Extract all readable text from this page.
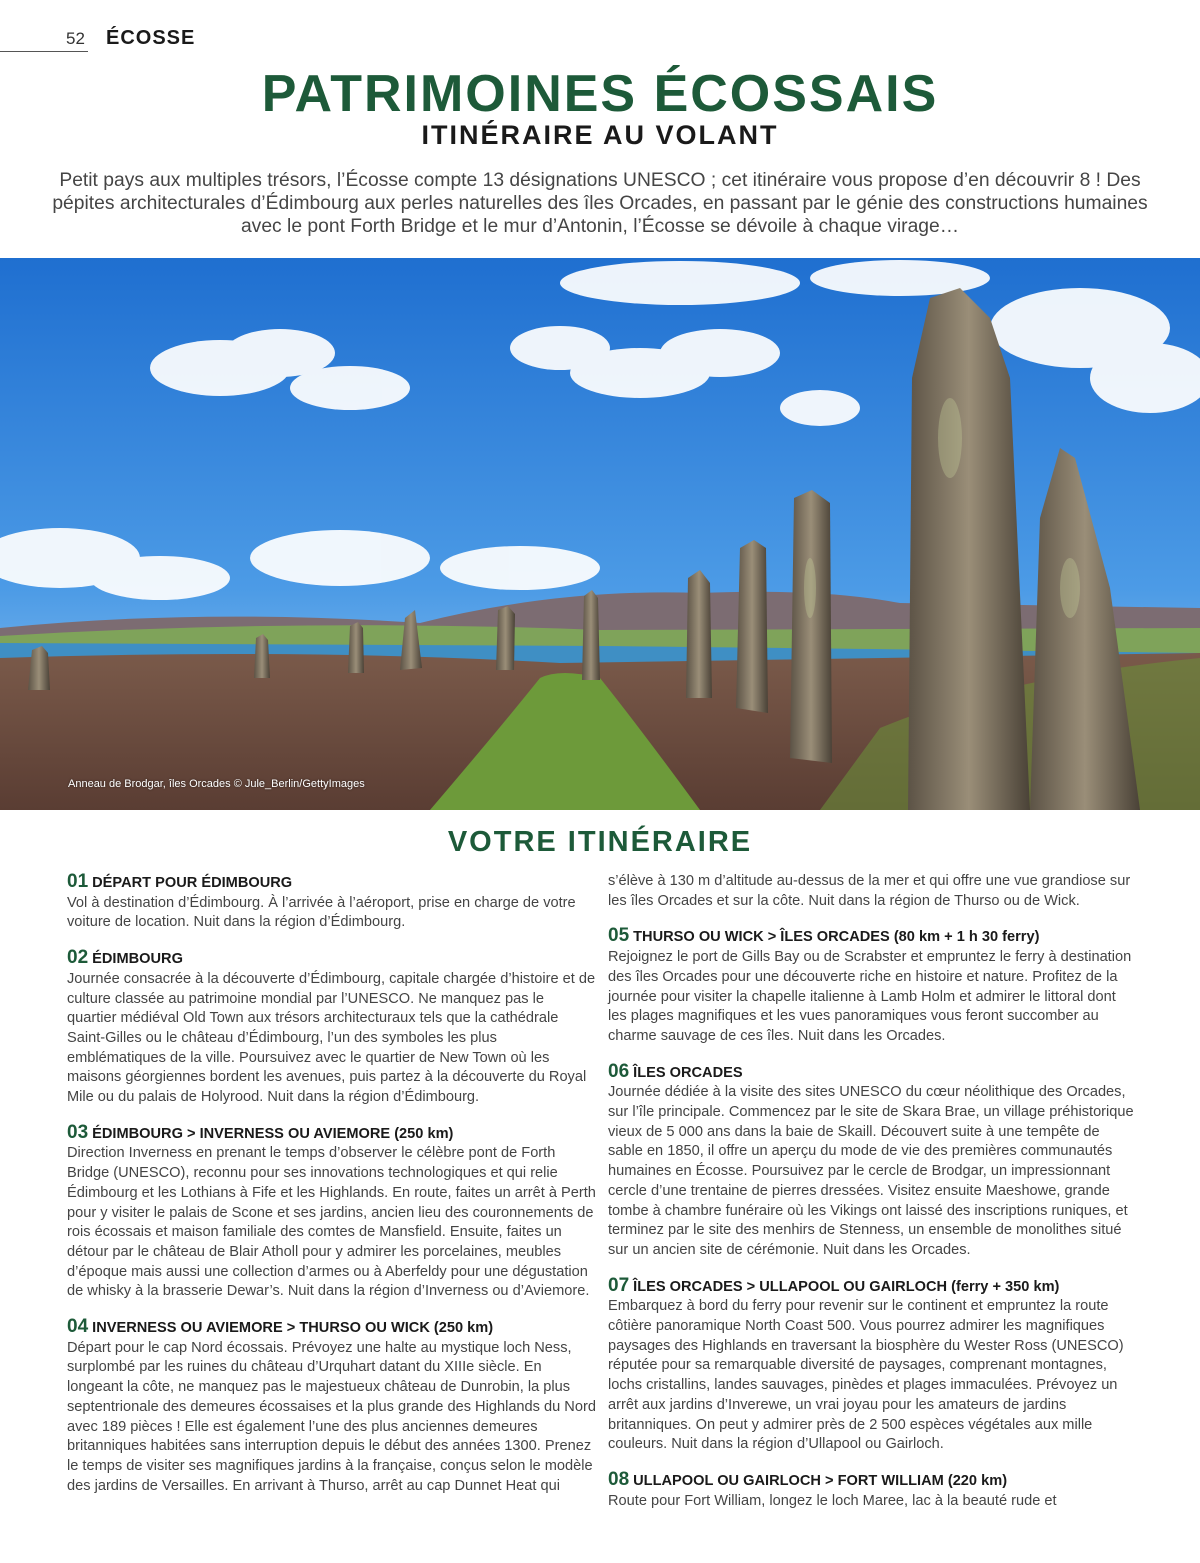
52 ÉCOSSE
PATRIMOINES ÉCOSSAIS
ITINÉRAIRE AU VOLANT

Petit pays aux multiples trésors, l’Écosse compte 13 désignations UNESCO ; cet itinéraire vous propose d’en découvrir 8 ! Des pépites architecturales d’Édimbourg aux perles naturelles des îles Orcades, en passant par le génie des constructions humaines avec le pont Forth Bridge et le mur d’Antonin, l’Écosse se dévoile à chaque virage…

Anneau de Brodgar, îles Orcades © Jule_Berlin/GettyImages
VOTRE ITINÉRAIRE
01 DÉPART POUR ÉDIMBOURG
Vol à destination d’Édimbourg. À l’arrivée à l’aéroport, prise en charge de votre voiture de location. Nuit dans la région d’Édimbourg.
02 ÉDIMBOURG
Journée consacrée à la découverte d’Édimbourg, capitale chargée d’histoire et de culture classée au patrimoine mondial par l’UNESCO. Ne manquez pas le quartier médiéval Old Town aux trésors architecturaux tels que la cathédrale Saint-Gilles ou le château d’Édimbourg, l’un des symboles les plus emblématiques de la ville. Poursuivez avec le quartier de New Town où les maisons géorgiennes bordent les avenues, puis partez à la découverte du Royal Mile ou du palais de Holyrood. Nuit dans la région d’Édimbourg.
03 ÉDIMBOURG > INVERNESS OU AVIEMORE (250 km)
Direction Inverness en prenant le temps d’observer le célèbre pont de Forth Bridge (UNESCO), reconnu pour ses innovations technologiques et qui relie Édimbourg et les Lothians à Fife et les Highlands. En route, faites un arrêt à Perth pour y visiter le palais de Scone et ses jardins, ancien lieu des couronnements de rois écossais et maison familiale des comtes de Mansfield. Ensuite, faites un détour par le château de Blair Atholl pour y admirer les porcelaines, meubles d’époque mais aussi une collection d’armes ou à Aberfeldy pour une dégustation de whisky à la brasserie Dewar’s. Nuit dans la région d’Inverness ou d’Aviemore.
04 INVERNESS OU AVIEMORE > THURSO OU WICK (250 km)
Départ pour le cap Nord écossais. Prévoyez une halte au mystique loch Ness, surplombé par les ruines du château d’Urquhart datant du XIIIe siècle. En longeant la côte, ne manquez pas le majestueux château de Dunrobin, la plus septentrionale des demeures écossaises et la plus grande des Highlands du Nord avec 189 pièces ! Elle est également l’une des plus anciennes demeures britanniques habitées sans interruption depuis le début des années 1300. Prenez le temps de visiter ses magnifiques jardins à la française, conçus selon le modèle des jardins de Versailles. En arrivant à Thurso, arrêt au cap Dunnet Heat qui
s’élève à 130 m d’altitude au-dessus de la mer et qui offre une vue grandiose sur les îles Orcades et sur la côte. Nuit dans la région de Thurso ou de Wick.
05 THURSO OU WICK > ÎLES ORCADES (80 km + 1 h 30 ferry)
Rejoignez le port de Gills Bay ou de Scrabster et empruntez le ferry à destination des îles Orcades pour une découverte riche en histoire et nature. Profitez de la journée pour visiter la chapelle italienne à Lamb Holm et admirer le littoral dont les plages magnifiques et les vues panoramiques vous feront succomber au charme sauvage de ces îles. Nuit dans les Orcades.
06 ÎLES ORCADES
Journée dédiée à la visite des sites UNESCO du cœur néolithique des Orcades, sur l’île principale. Commencez par le site de Skara Brae, un village préhistorique vieux de 5 000 ans dans la baie de Skaill. Découvert suite à une tempête de sable en 1850, il offre un aperçu du mode de vie des premières communautés humaines en Écosse. Poursuivez par le cercle de Brodgar, un impressionnant cercle d’une trentaine de pierres dressées. Visitez ensuite Maeshowe, grande tombe à chambre funéraire où les Vikings ont laissé des inscriptions runiques, et terminez par le site des menhirs de Stenness, un ensemble de monolithes situé sur un ancien site de cérémonie. Nuit dans les Orcades.
07 ÎLES ORCADES > ULLAPOOL OU GAIRLOCH (ferry + 350 km)
Embarquez à bord du ferry pour revenir sur le continent et empruntez la route côtière panoramique North Coast 500. Vous pourrez admirer les magnifiques paysages des Highlands en traversant la biosphère du Wester Ross (UNESCO) réputée pour sa remarquable diversité de paysages, comprenant montagnes, lochs cristallins, landes sauvages, pinèdes et plages immaculées. Prévoyez un arrêt aux jardins d’Inverewe, un vrai joyau pour les amateurs de jardins britanniques. On peut y admirer près de 2 500 espèces végétales aux mille couleurs. Nuit dans la région d’Ullapool ou Gairloch.
08 ULLAPOOL OU GAIRLOCH > FORT WILLIAM (220 km)
Route pour Fort William, longez le loch Maree, lac à la beauté rude et
